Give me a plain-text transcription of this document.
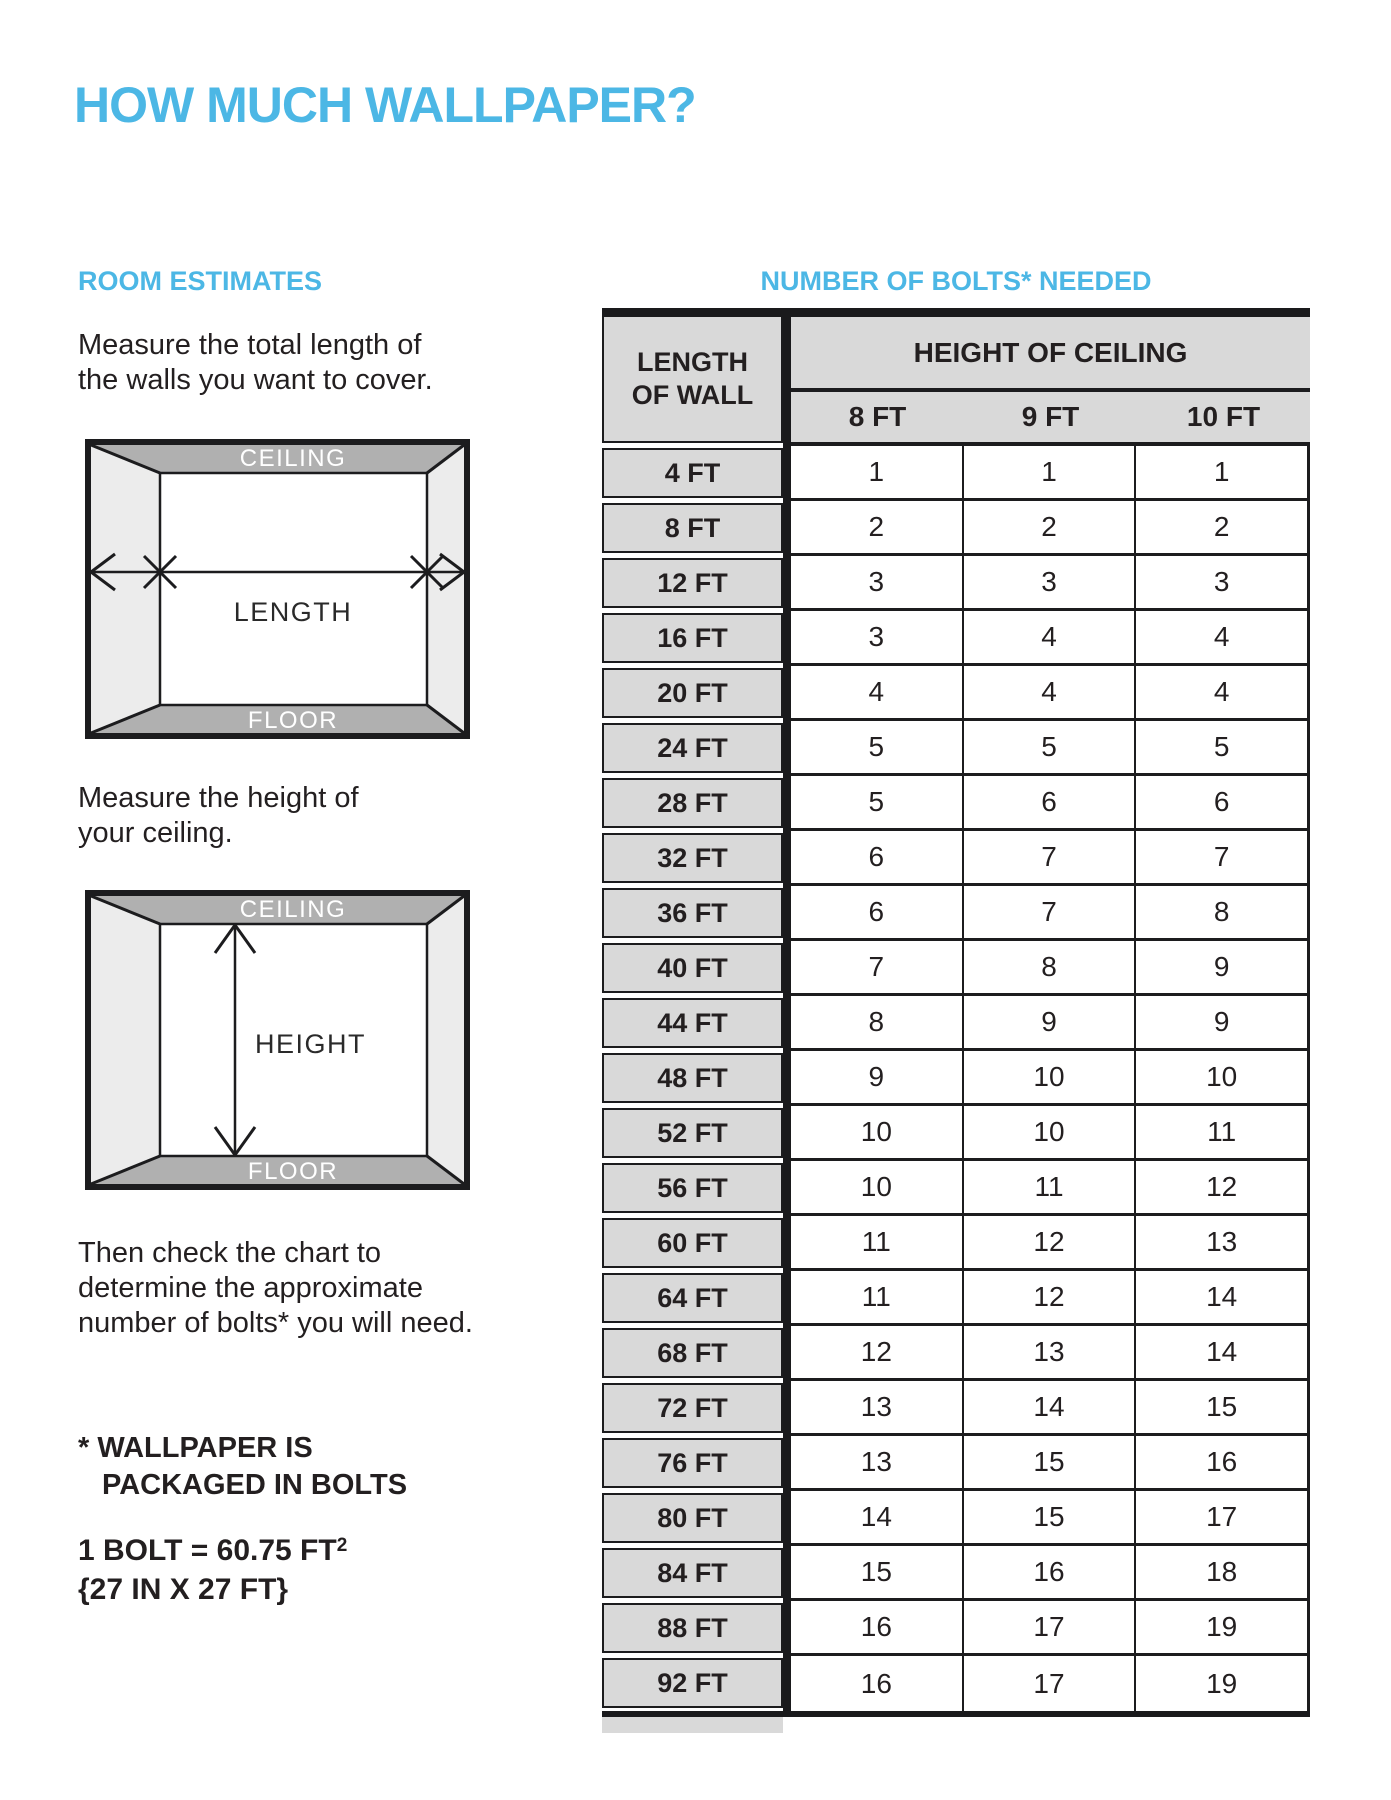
HOW MUCH WALLPAPER?
ROOM ESTIMATES	NUMBER OF BOLTS* NEEDED
Measure the total length of
the walls you want to cover.
CEILING
FLOOR
LENGTH
Measure the height of
your ceiling.
CEILING
FLOOR
HEIGHT
Then check the chart to
determine the approximate
number of bolts* you will need.
* WALLPAPER IS
PACKAGED IN BOLTS
1 BOLT = 60.75 $FT^2$
{27 IN X 27 FT}
LENGTH
OF WALL
HEIGHT OF CEILING
8 FT	9 FT	10 FT
4 FT	1	1	1
8 FT	2	2	2
12 FT	3	3	3
16 FT	3	4	4
20 FT	4	4	4
24 FT	5	5	5
28 FT	5	6	6
32 FT	6	7	7
36 FT	6	7	8
40 FT	7	8	9
44 FT	8	9	9
48 FT	9	10	10
52 FT	10	10	11
56 FT	10	11	12
60 FT	11	12	13
64 FT	11	12	14
68 FT	12	13	14
72 FT	13	14	15
76 FT	13	15	16
80 FT	14	15	17
84 FT	15	16	18
88 FT	16	17	19
92 FT	16	17	19
